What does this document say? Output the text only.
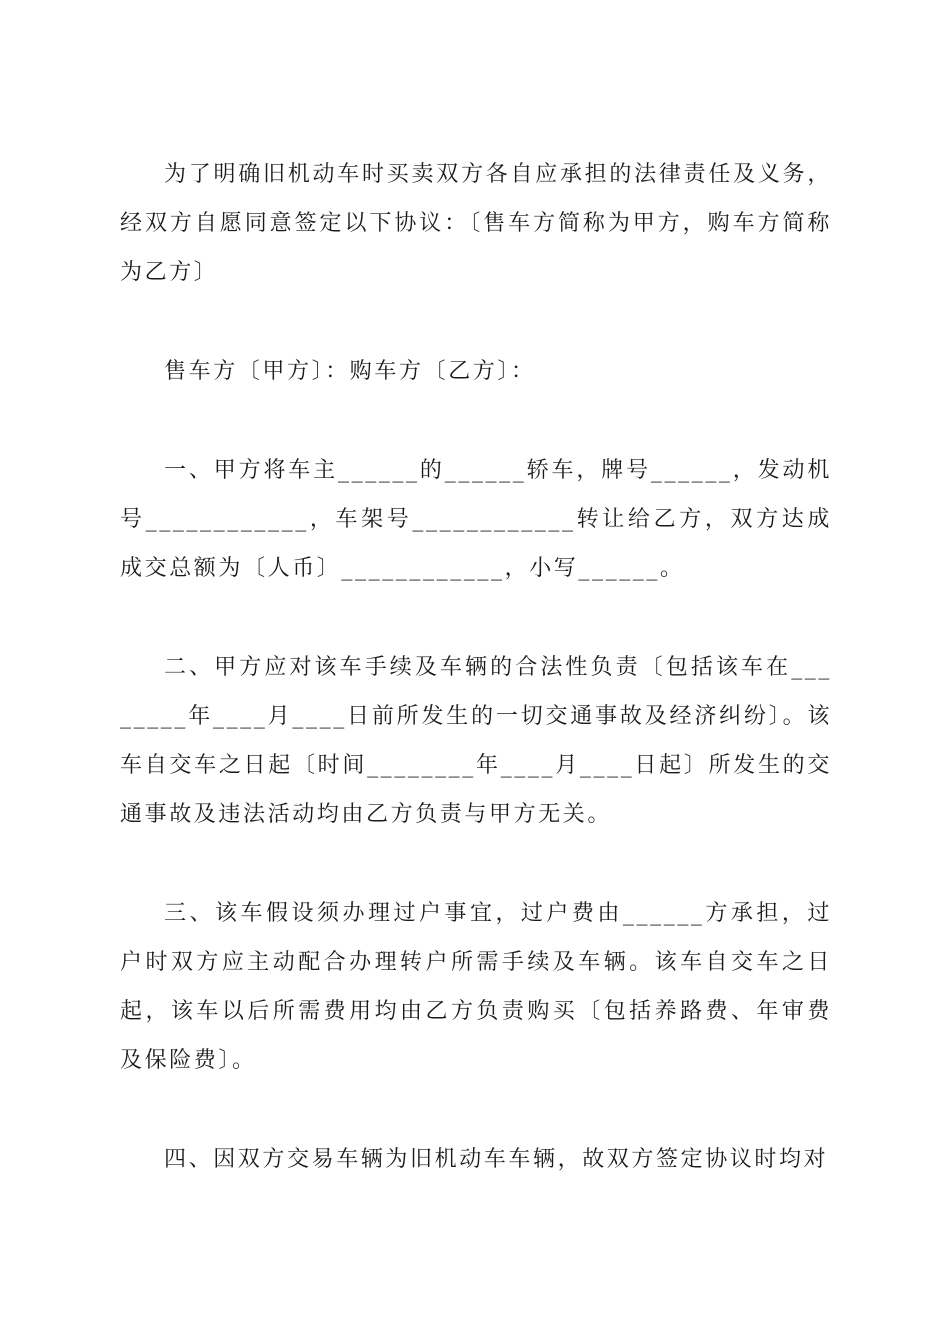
为了明确旧机动车时买卖双方各自应承担的法律责任及义务，经双方自愿同意签定以下协议：〔售车方简称为甲方，购车方简称为乙方〕

售车方〔甲方〕：购车方〔乙方〕：

一、甲方将车主______的______轿车，牌号______，发动机号____________，车架号____________转让给乙方，双方达成成交总额为〔人币〕____________，小写______。

二、甲方应对该车手续及车辆的合法性负责〔包括该车在________年____月____日前所发生的一切交通事故及经济纠纷〕。该车自交车之日起〔时间________年____月____日起〕所发生的交通事故及违法活动均由乙方负责与甲方无关。

三、该车假设须办理过户事宜，过户费由______方承担，过户时双方应主动配合办理转户所需手续及车辆。该车自交车之日起，该车以后所需费用均由乙方负责购买〔包括养路费、年审费及保险费〕。

四、因双方交易车辆为旧机动车车辆，故双方签定协议时均对
